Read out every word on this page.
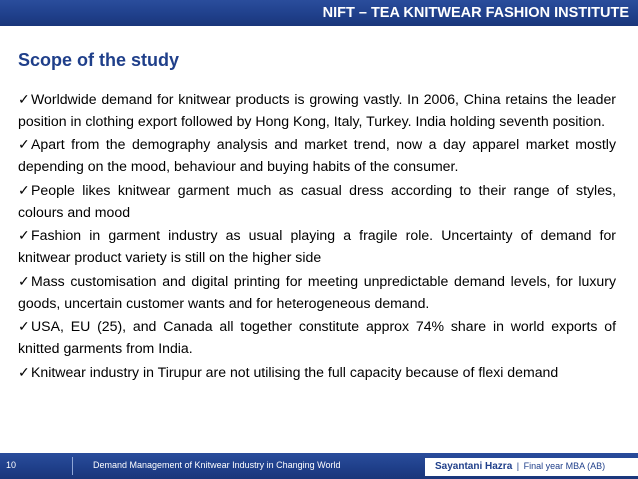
NIFT – TEA KNITWEAR FASHION INSTITUTE
Scope of the study
✓Worldwide demand for knitwear products is growing vastly. In 2006, China retains the leader position in clothing export followed by Hong Kong, Italy, Turkey. India holding seventh position.
✓Apart from the demography analysis and market trend, now a day apparel market mostly depending on the mood, behaviour and buying habits of the consumer.
✓People likes knitwear garment much as casual dress according to their range of styles, colours and mood
✓Fashion in garment industry as usual playing a fragile role. Uncertainty of demand for knitwear product variety is still on the higher side
✓Mass customisation and digital printing for meeting unpredictable demand levels, for luxury goods, uncertain customer wants and for heterogeneous demand.
✓USA, EU (25), and Canada all together constitute approx 74% share in world exports of knitted garments from India.
✓Knitwear industry in Tirupur are not utilising the full capacity because of flexi demand
10	Demand Management of Knitwear Industry in Changing World	Sayantani Hazra | Final year MBA (AB)
